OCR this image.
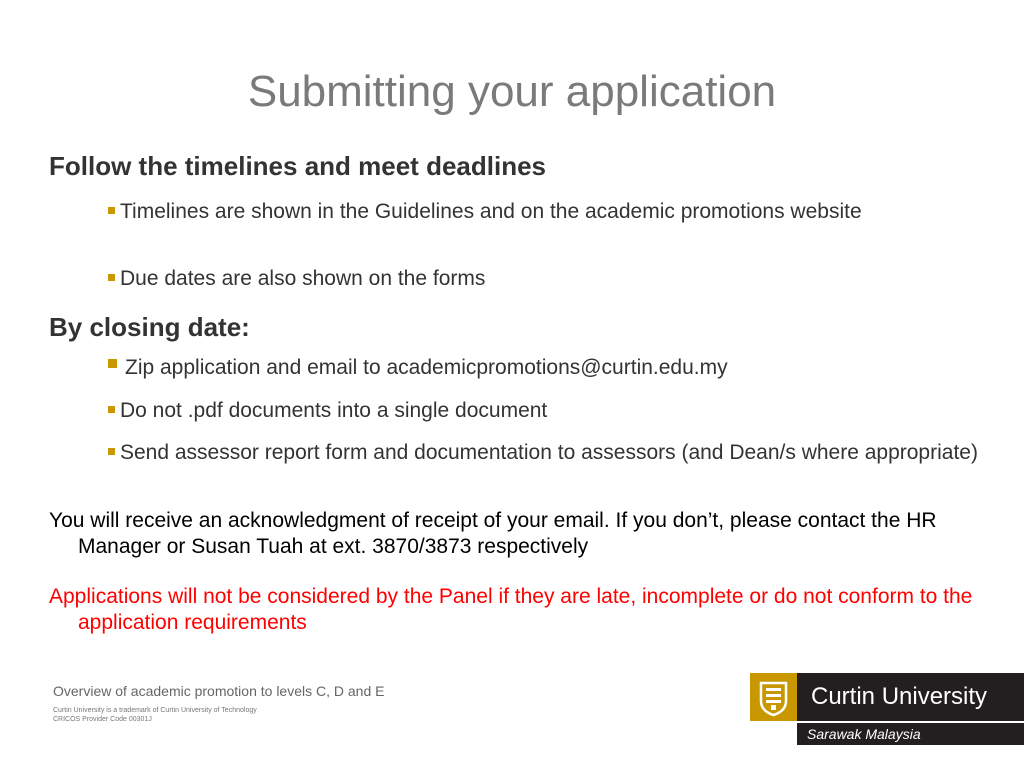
Submitting your application
Follow the timelines and meet deadlines
Timelines are shown in the Guidelines and on the academic promotions website
Due dates are also shown on the forms
By closing date:
Zip application and email to academicpromotions@curtin.edu.my
Do not .pdf documents into a single document
Send assessor report form and documentation to assessors (and Dean/s where appropriate)
You will receive an acknowledgment of receipt of your email. If you don’t, please contact the HR Manager or Susan Tuah at ext. 3870/3873 respectively
Applications will not be considered by the Panel if they are late, incomplete or do not conform to the application requirements
Overview of academic promotion to levels C, D and E
Curtin University is a trademark of Curtin University of Technology
CRICOS Provider Code 00301J
Curtin University
Sarawak Malaysia
